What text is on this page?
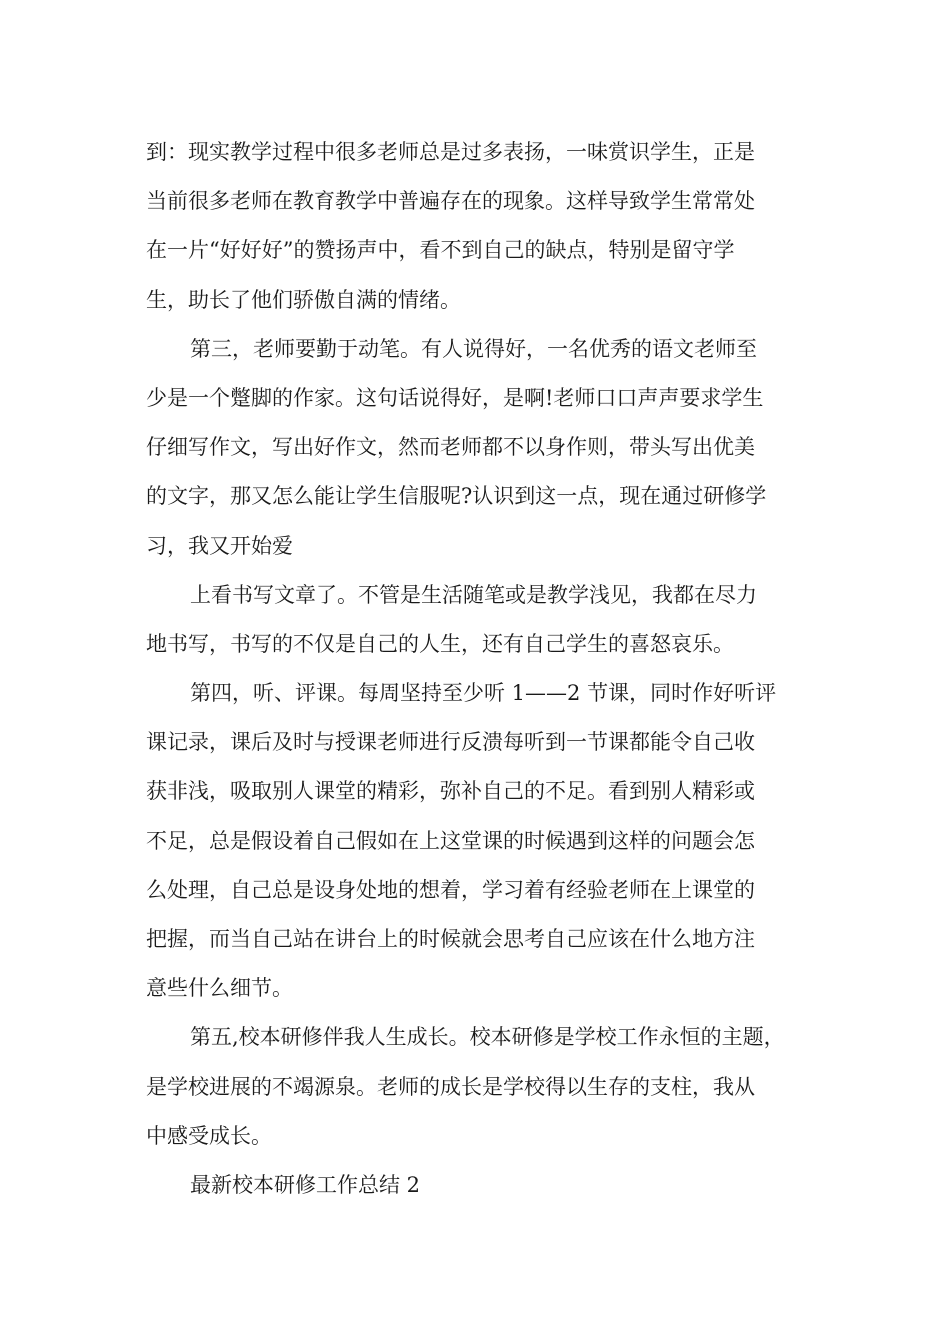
到：现实教学过程中很多老师总是过多表扬，一味赏识学生，正是
当前很多老师在教育教学中普遍存在的现象。这样导致学生常常处
在一片“好好好”的赞扬声中，看不到自己的缺点，特别是留守学
生，助长了他们骄傲自满的情绪。
第三，老师要勤于动笔。有人说得好，一名优秀的语文老师至
少是一个蹩脚的作家。这句话说得好，是啊!老师口口声声要求学生
仔细写作文，写出好作文，然而老师都不以身作则，带头写出优美
的文字，那又怎么能让学生信服呢?认识到这一点，现在通过研修学
习，我又开始爱
上看书写文章了。不管是生活随笔或是教学浅见，我都在尽力
地书写，书写的不仅是自己的人生，还有自己学生的喜怒哀乐。
第四，听、评课。每周坚持至少听 1——2 节课，同时作好听评
课记录，课后及时与授课老师进行反溃每听到一节课都能令自己收
获非浅，吸取别人课堂的精彩，弥补自己的不足。看到别人精彩或
不足，总是假设着自己假如在上这堂课的时候遇到这样的问题会怎
么处理，自己总是设身处地的想着，学习着有经验老师在上课堂的
把握，而当自己站在讲台上的时候就会思考自己应该在什么地方注
意些什么细节。
第五,校本研修伴我人生成长。校本研修是学校工作永恒的主题，
是学校进展的不竭源泉。老师的成长是学校得以生存的支柱，我从
中感受成长。
最新校本研修工作总结 2
